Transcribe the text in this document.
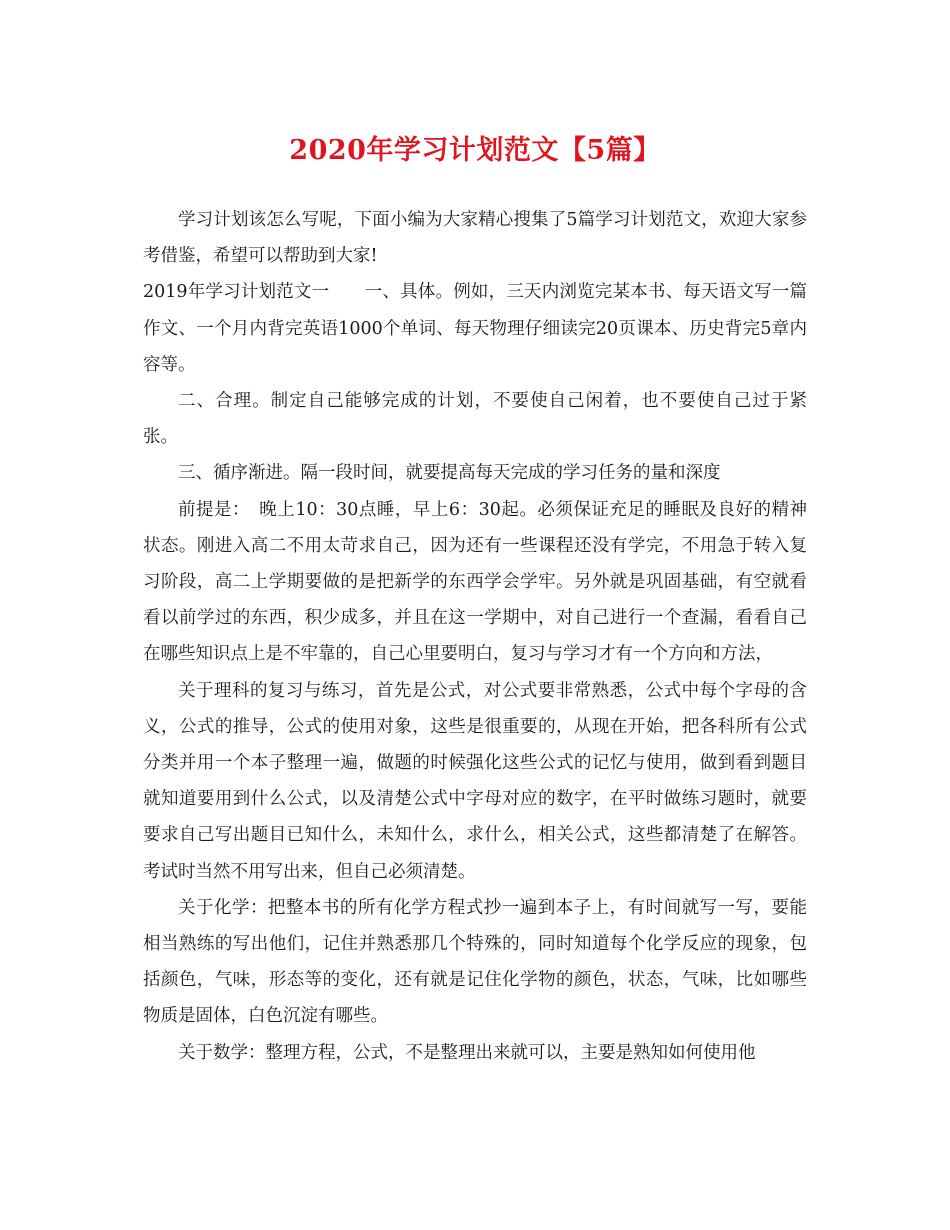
2020年学习计划范文【5篇】

学习计划该怎么写呢，下面小编为大家精心搜集了5篇学习计划范文，欢迎大家参考借鉴，希望可以帮助到大家!

2019年学习计划范文一　　一、具体。例如，三天内浏览完某本书、每天语文写一篇作文、一个月内背完英语1000个单词、每天物理仔细读完20页课本、历史背完5章内容等。

二、合理。制定自己能够完成的计划，不要使自己闲着，也不要使自己过于紧张。

三、循序渐进。隔一段时间，就要提高每天完成的学习任务的量和深度

前提是：　晚上10：30点睡，早上6：30起。必须保证充足的睡眠及良好的精神状态。刚进入高二不用太苛求自己，因为还有一些课程还没有学完，不用急于转入复习阶段，高二上学期要做的是把新学的东西学会学牢。另外就是巩固基础，有空就看看以前学过的东西，积少成多，并且在这一学期中，对自己进行一个查漏，看看自己在哪些知识点上是不牢靠的，自己心里要明白，复习与学习才有一个方向和方法，

关于理科的复习与练习，首先是公式，对公式要非常熟悉，公式中每个字母的含义，公式的推导，公式的使用对象，这些是很重要的，从现在开始，把各科所有公式分类并用一个本子整理一遍，做题的时候强化这些公式的记忆与使用，做到看到题目就知道要用到什么公式，以及清楚公式中字母对应的数字，在平时做练习题时，就要要求自己写出题目已知什么，未知什么，求什么，相关公式，这些都清楚了在解答。考试时当然不用写出来，但自己必须清楚。

关于化学：把整本书的所有化学方程式抄一遍到本子上，有时间就写一写，要能相当熟练的写出他们，记住并熟悉那几个特殊的，同时知道每个化学反应的现象，包括颜色，气味，形态等的变化，还有就是记住化学物的颜色，状态，气味，比如哪些物质是固体，白色沉淀有哪些。

关于数学：整理方程，公式，不是整理出来就可以，主要是熟知如何使用他
